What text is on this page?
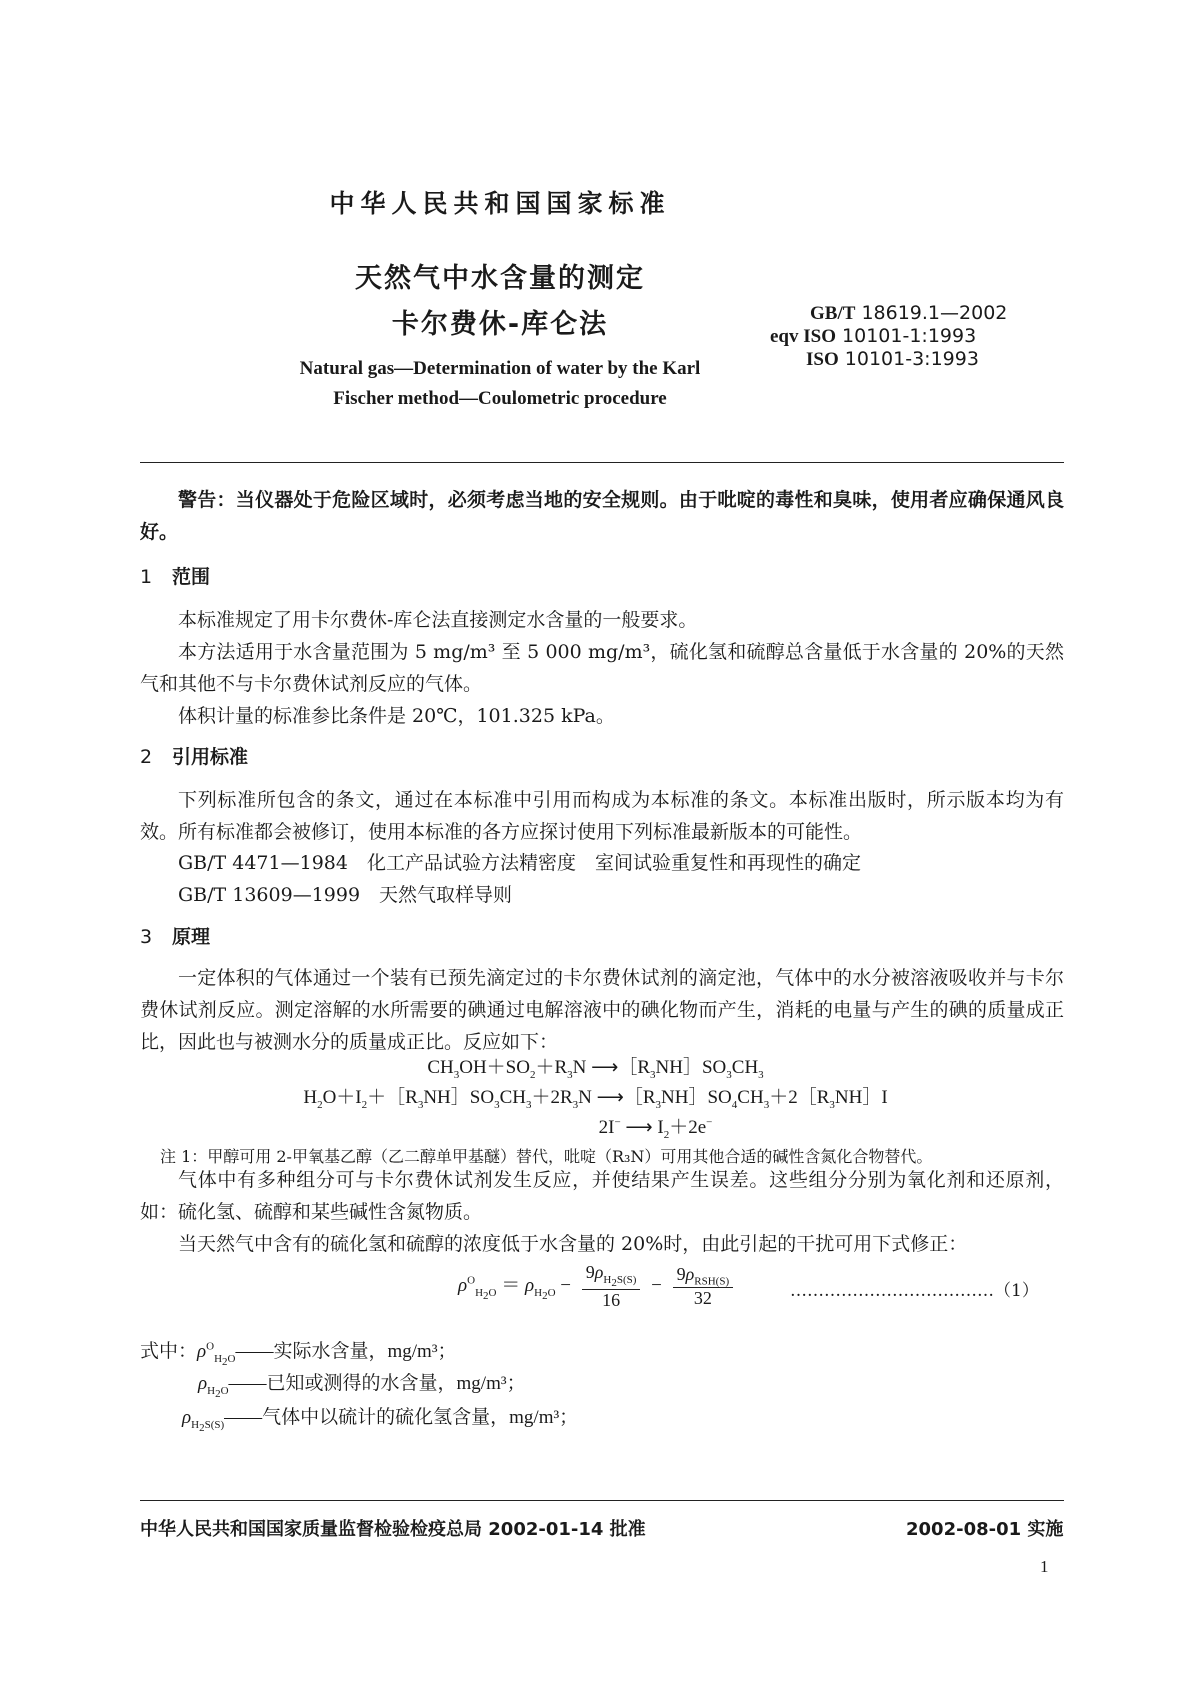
中华人民共和国国家标准
天然气中水含量的测定
卡尔费休-库仑法	GB/T 18619.1—2002
eqv ISO 10101-1:1993
ISO 10101-3:1993
Natural gas—Determination of water by the Karl
Fischer method—Coulometric procedure
警告：当仪器处于危险区域时，必须考虑当地的安全规则。由于吡啶的毒性和臭味，使用者应确保通风良好。
1 范围
本标准规定了用卡尔费休-库仑法直接测定水含量的一般要求。
本方法适用于水含量范围为 5 mg/m³ 至 5 000 mg/m³，硫化氢和硫醇总含量低于水含量的 20%的天然气和其他不与卡尔费休试剂反应的气体。
体积计量的标准参比条件是 20℃，101.325 kPa。
2 引用标准
下列标准所包含的条文，通过在本标准中引用而构成为本标准的条文。本标准出版时，所示版本均为有效。所有标准都会被修订，使用本标准的各方应探讨使用下列标准最新版本的可能性。
GB/T 4471—1984　化工产品试验方法精密度　室间试验重复性和再现性的确定
GB/T 13609—1999　天然气取样导则
3 原理
一定体积的气体通过一个装有已预先滴定过的卡尔费休试剂的滴定池，气体中的水分被溶液吸收并与卡尔费休试剂反应。测定溶解的水所需要的碘通过电解溶液中的碘化物而产生，消耗的电量与产生的碘的质量成正比，因此也与被测水分的质量成正比。反应如下：
$CH_3OH+SO_2+R_3N$ $⟶[R_3NH]SO_3CH_3$
$H_2O+I_2+[R_3NH]SO_3CH_3+2R_3N$ $⟶[R_3NH]SO_4CH_3+2[R_3NH]I$
2I− ⟶ $I_2+2e^-$
注 1：甲醇可用 2-甲氧基乙醇（乙二醇单甲基醚）替代，吡啶（R₃N）可用其他合适的碱性含氮化合物替代。
气体中有多种组分可与卡尔费休试剂发生反应，并使结果产生误差。这些组分分别为氧化剂和还原剂，如：硫化氢、硫醇和某些碱性含氮物质。
当天然气中含有的硫化氢和硫醇的浓度低于水含量的 20%时，由此引起的干扰可用下式修正：
$\rho^O_{H_2O} = \rho_{H_2O} - \frac{9\rho_{H_2S(S)}}{16} - \frac{9\rho_{RSH(S)}}{32}$	………………………………（1）
式中：$\rho^O_{H_2O}——$实际水含量，mg/m³；
$\rho_{H_2O}——$已知或测得的水含量，mg/m³；
$\rho_{H_2S(S)}——$气体中以硫计的硫化氢含量，mg/m³；
中华人民共和国国家质量监督检验检疫总局 2002-01-14 批准	2002-08-01 实施
1
